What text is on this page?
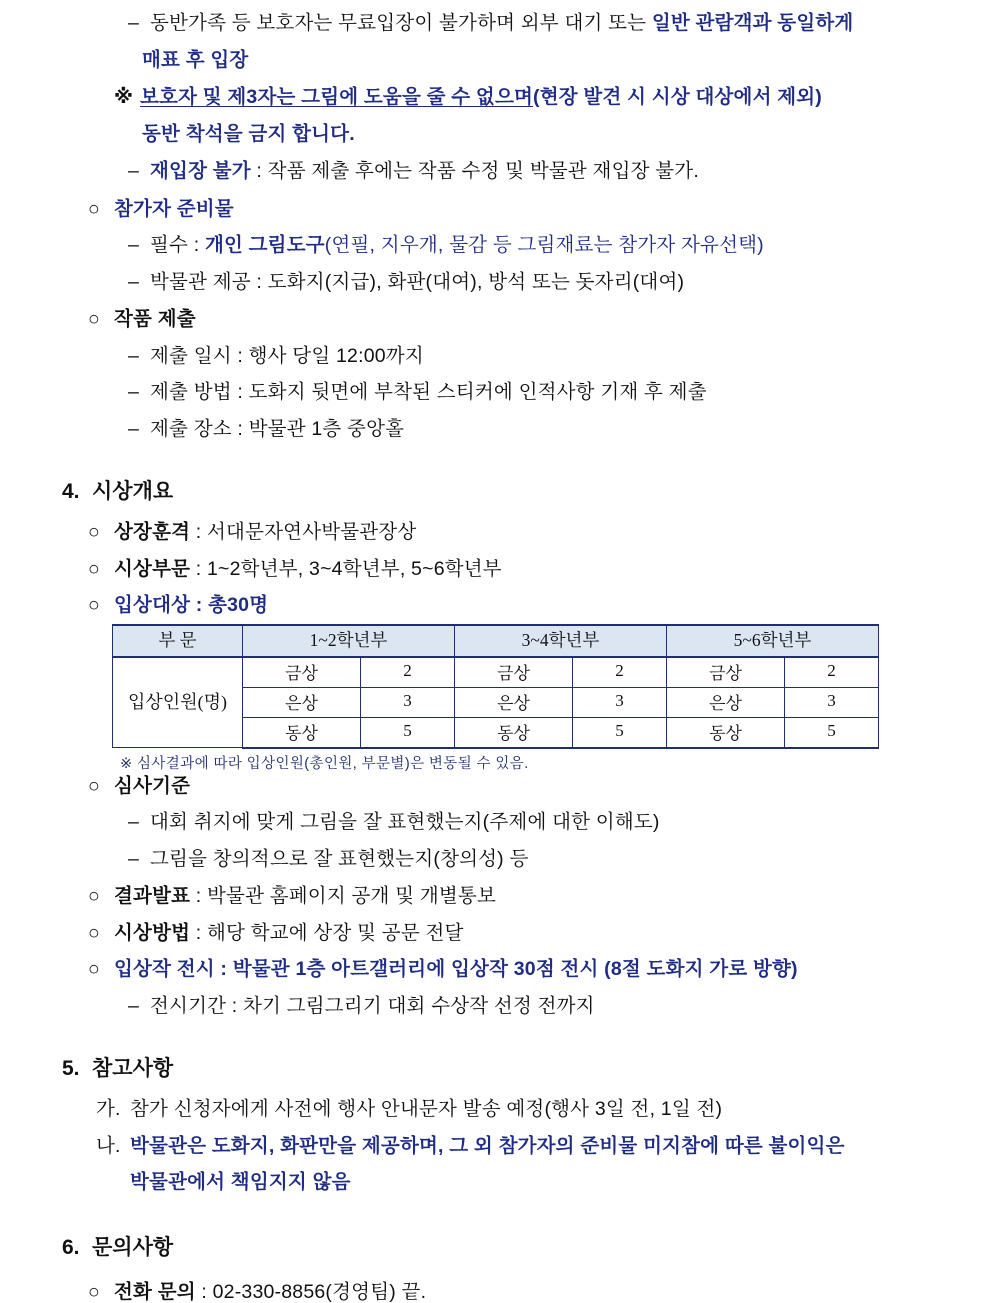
– 동반가족 등 보호자는 무료입장이 불가하며 외부 대기 또는 일반 관람객과 동일하게
매표 후 입장
※ 보호자 및 제3자는 그림에 도움을 줄 수 없으며(현장 발견 시 시상 대상에서 제외)
동반 착석을 금지 합니다.
– 재입장 불가 : 작품 제출 후에는 작품 수정 및 박물관 재입장 불가.
○ 참가자 준비물
– 필수 : 개인 그림도구(연필, 지우개, 물감 등 그림재료는 참가자 자유선택)
– 박물관 제공 : 도화지(지급), 화판(대여), 방석 또는 돗자리(대여)
○ 작품 제출
– 제출 일시 : 행사 당일 12:00까지
– 제출 방법 : 도화지 뒷면에 부착된 스티커에 인적사항 기재 후 제출
– 제출 장소 : 박물관 1층 중앙홀
4. 시상개요
○ 상장훈격 : 서대문자연사박물관장상
○ 시상부문 : 1~2학년부, 3~4학년부, 5~6학년부
○ 입상대상 : 총30명
부 문	1~2학년부		3~4학년부		5~6학년부	
입상인원(명)	금상	2	금상	2	금상	2
	은상	3	은상	3	은상	3
	동상	5	동상	5	동상	5
※ 심사결과에 따라 입상인원(총인원, 부문별)은 변동될 수 있음.
○ 심사기준
– 대회 취지에 맞게 그림을 잘 표현했는지(주제에 대한 이해도)
– 그림을 창의적으로 잘 표현했는지(창의성) 등
○ 결과발표 : 박물관 홈페이지 공개 및 개별통보
○ 시상방법 : 해당 학교에 상장 및 공문 전달
○ 입상작 전시 : 박물관 1층 아트갤러리에 입상작 30점 전시 (8절 도화지 가로 방향)
– 전시기간 : 차기 그림그리기 대회 수상작 선정 전까지
5. 참고사항
가. 참가 신청자에게 사전에 행사 안내문자 발송 예정(행사 3일 전, 1일 전)
나. 박물관은 도화지, 화판만을 제공하며, 그 외 참가자의 준비물 미지참에 따른 불이익은
박물관에서 책임지지 않음
6. 문의사항
○ 전화 문의 : 02-330-8856(경영팀) 끝.
